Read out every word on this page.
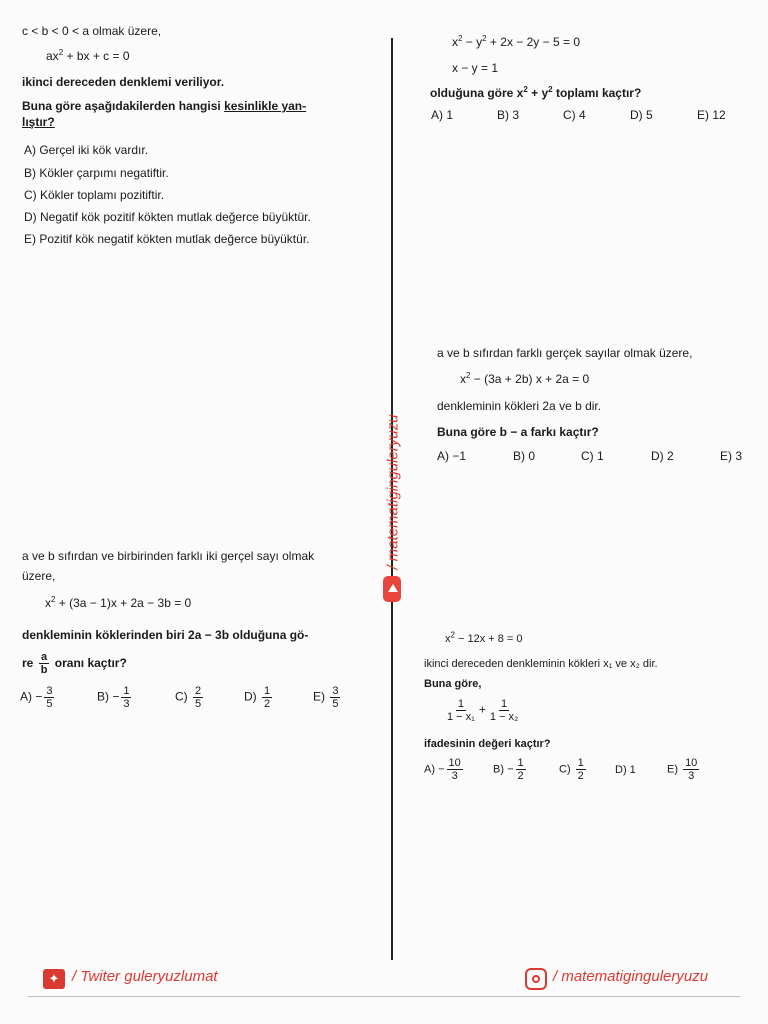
c < b < 0 < a olmak üzere,
$ax^2$ + bx + c = 0
ikinci dereceden denklemi veriliyor.
Buna göre aşağıdakilerden hangisi kesinlikle yan-
lıştır?
A) Gerçel iki kök vardır.
B) Kökler çarpımı negatiftir.
C) Kökler toplamı pozitiftir.
D) Negatif kök pozitif kökten mutlak değerce büyüktür.
E) Pozitif kök negatif kökten mutlak değerce büyüktür.
$x^2 - y^2 + 2x - 2y - 5 = 0$
x − y = 1
olduğuna göre $x^2 + y^2$ toplamı kaçtır?
A) 1	B) 3	C) 4	D) 5	E) 12
a ve b sıfırdan farklı gerçek sayılar olmak üzere,
$x^2 - (3a + 2b) x + 2a = 0$
denkleminin kökleri 2a ve b dir.
Buna göre b − a farkı kaçtır?
A) −1	B) 0	C) 1	D) 2	E) 3
a ve b sıfırdan ve birbirinden farklı iki gerçel sayı olmak
üzere,
$x^2 + (3a - 1)x + 2a - 3b = 0$
denkleminin köklerinden biri 2a − 3b olduğuna gö-
re $\frac{a}{b}$ oranı kaçtır?
$A) - \frac{3}{5}$	$B) - \frac{1}{3}$	$C) \frac{2}{5}$	$D) \frac{1}{2}$	$E) \frac{3}{5}$
$x^2 - 12x + 8 = 0$
ikinci dereceden denkleminin kökleri x₁ ve x₂ dir.
Buna göre,
$\frac{1}{\text{1 − x₁}} + \frac{1}{\text{1 − x₂}}$
ifadesinin değeri kaçtır?
$A) - \frac{10}{3}$	$B) - \frac{1}{2}$	$C) \frac{1}{2}$	D) 1	$E) \frac{10}{3}$
/ matematiginguleryuzu
✦ / Twiter guleryuzlumat	/ matematiginguleryuzu
